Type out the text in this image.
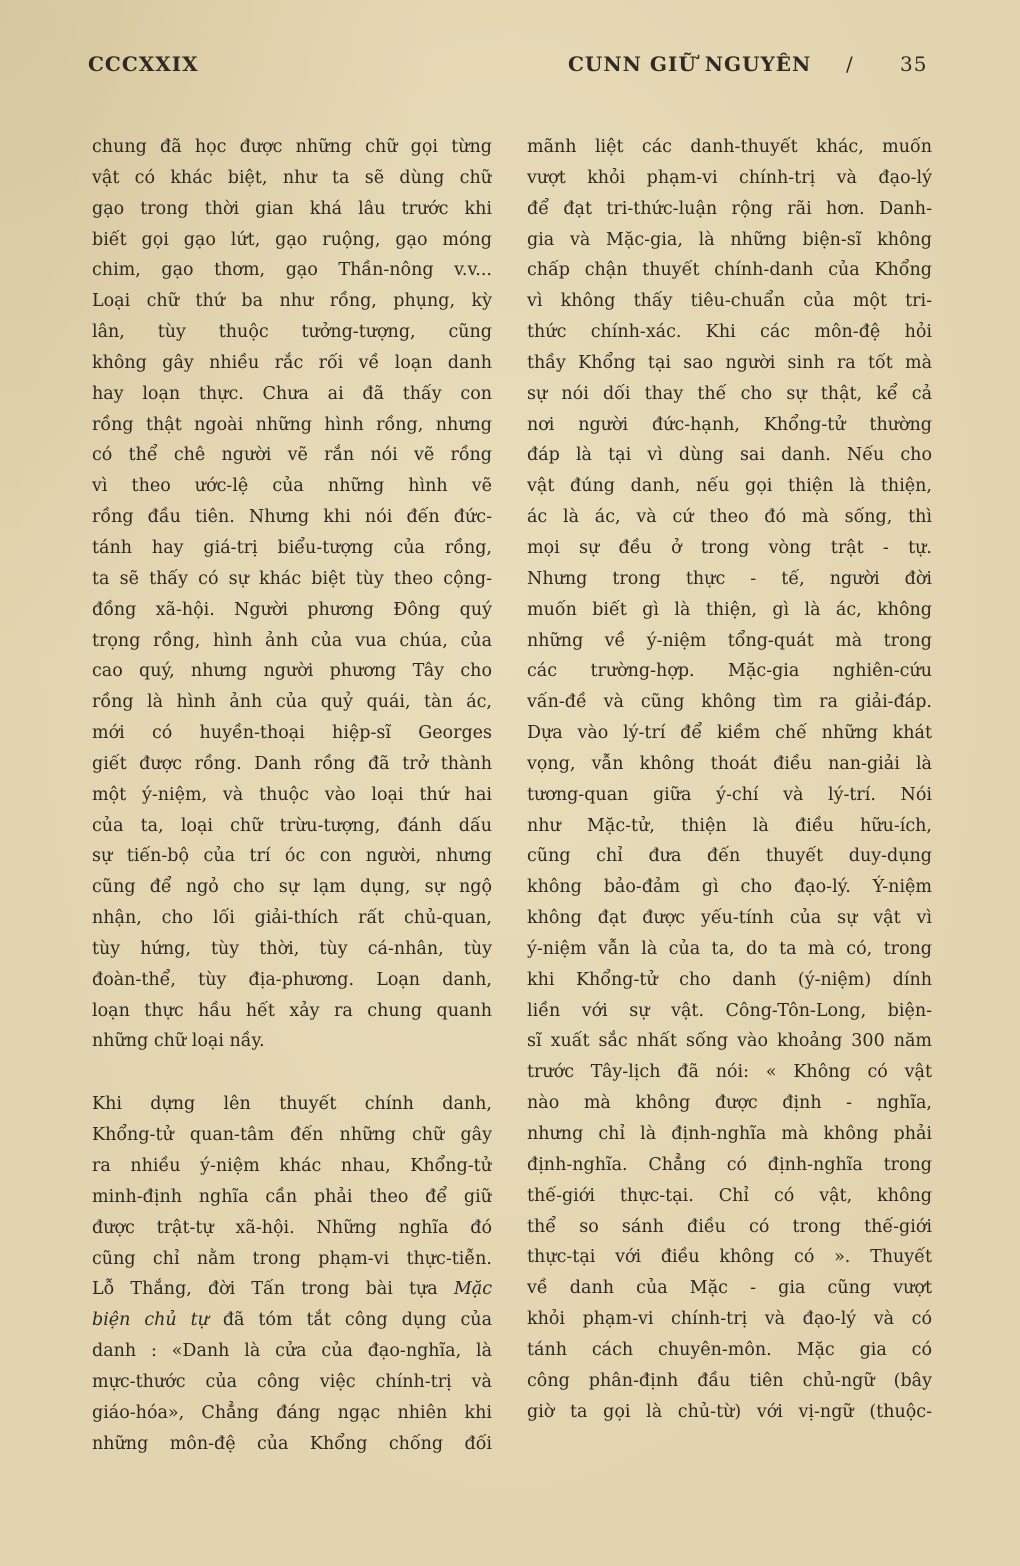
CCCXXIX	CUNN GIỮ NGUYÊN / 35
chung đã học được những chữ gọi từng
vật có khác biệt, như ta sẽ dùng chữ
gạo trong thời gian khá lâu trước khi
biết gọi gạo lứt, gạo ruộng, gạo móng
chim, gạo thơm, gạo Thần-nông v.v...
Loại chữ thứ ba như rồng, phụng, kỳ
lân, tùy thuộc tưởng-tượng, cũng
không gây nhiều rắc rối về loạn danh
hay loạn thực. Chưa ai đã thấy con
rồng thật ngoài những hình rồng, nhưng
có thể chê người vẽ rắn nói vẽ rồng
vì theo ước-lệ của những hình vẽ
rồng đầu tiên. Nhưng khi nói đến đức-
tánh hay giá-trị biểu-tượng của rồng,
ta sẽ thấy có sự khác biệt tùy theo cộng-
đồng xã-hội. Người phương Đông quý
trọng rồng, hình ảnh của vua chúa, của
cao quý, nhưng người phương Tây cho
rồng là hình ảnh của quỷ quái, tàn ác,
mới có huyền-thoại hiệp-sĩ Georges
giết được rồng. Danh rồng đã trở thành
một ý-niệm, và thuộc vào loại thứ hai
của ta, loại chữ trừu-tượng, đánh dấu
sự tiến-bộ của trí óc con người, nhưng
cũng để ngỏ cho sự lạm dụng, sự ngộ
nhận, cho lối giải-thích rất chủ-quan,
tùy hứng, tùy thời, tùy cá-nhân, tùy
đoàn-thể, tùy địa-phương. Loạn danh,
loạn thực hầu hết xảy ra chung quanh
những chữ loại nầy.
Khi dựng lên thuyết chính danh,
Khổng-tử quan-tâm đến những chữ gây
ra nhiều ý-niệm khác nhau, Khổng-tử
minh-định nghĩa cần phải theo để giữ
được trật-tự xã-hội. Những nghĩa đó
cũng chỉ nằm trong phạm-vi thực-tiễn.
Lỗ Thắng, đời Tấn trong bài tựa Mặc
biện chủ tự đã tóm tắt công dụng của
danh : «Danh là cửa của đạo-nghĩa, là
mực-thước của công việc chính-trị và
giáo-hóa», Chẳng đáng ngạc nhiên khi
những môn-đệ của Khổng chống đối
mãnh liệt các danh-thuyết khác, muốn
vượt khỏi phạm-vi chính-trị và đạo-lý
để đạt tri-thức-luận rộng rãi hơn. Danh-
gia và Mặc-gia, là những biện-sĩ không
chấp chận thuyết chính-danh của Khổng
vì không thấy tiêu-chuẩn của một tri-
thức chính-xác. Khi các môn-đệ hỏi
thầy Khổng tại sao người sinh ra tốt mà
sự nói dối thay thế cho sự thật, kể cả
nơi người đức-hạnh, Khổng-tử thường
đáp là tại vì dùng sai danh. Nếu cho
vật đúng danh, nếu gọi thiện là thiện,
ác là ác, và cứ theo đó mà sống, thì
mọi sự đều ở trong vòng trật - tự.
Nhưng trong thực - tế, người đời
muốn biết gì là thiện, gì là ác, không
những về ý-niệm tổng-quát mà trong
các trường-hợp. Mặc-gia nghiên-cứu
vấn-đề và cũng không tìm ra giải-đáp.
Dựa vào lý-trí để kiềm chế những khát
vọng, vẫn không thoát điều nan-giải là
tương-quan giữa ý-chí và lý-trí. Nói
như Mặc-tử, thiện là điều hữu-ích,
cũng chỉ đưa đến thuyết duy-dụng
không bảo-đảm gì cho đạo-lý. Ý-niệm
không đạt được yếu-tính của sự vật vì
ý-niệm vẫn là của ta, do ta mà có, trong
khi Khổng-tử cho danh (ý-niệm) dính
liền với sự vật. Công-Tôn-Long, biện-
sĩ xuất sắc nhất sống vào khoảng 300 năm
trước Tây-lịch đã nói: « Không có vật
nào mà không được định - nghĩa,
nhưng chỉ là định-nghĩa mà không phải
định-nghĩa. Chẳng có định-nghĩa trong
thế-giới thực-tại. Chỉ có vật, không
thể so sánh điều có trong thế-giới
thực-tại với điều không có ». Thuyết
về danh của Mặc - gia cũng vượt
khỏi phạm-vi chính-trị và đạo-lý và có
tánh cách chuyên-môn. Mặc gia có
công phân-định đầu tiên chủ-ngữ (bây
giờ ta gọi là chủ-từ) với vị-ngữ (thuộc-
